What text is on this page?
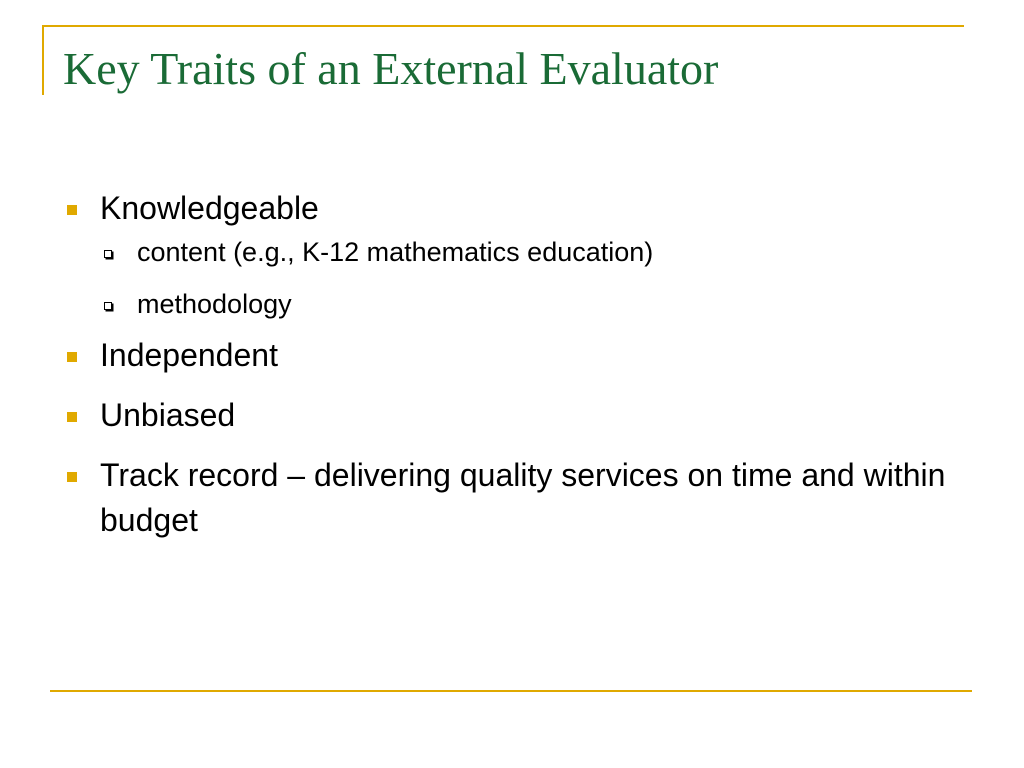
Key Traits of an External Evaluator
Knowledgeable
content (e.g., K-12 mathematics education)
methodology
Independent
Unbiased
Track record – delivering quality services on time and within budget
